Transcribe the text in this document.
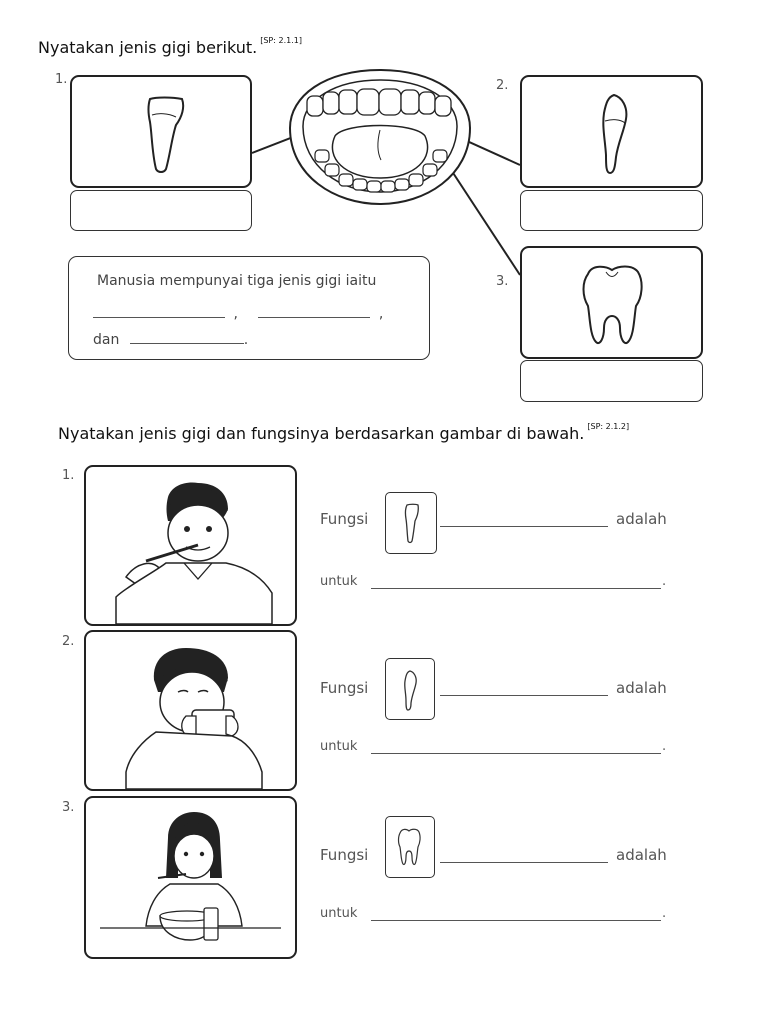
Nyatakan jenis gigi berikut. [SP: 2.1.1]
1.	2.
Manusia mempunyai tiga jenis gigi iaitu
,	,
dan	.
3.
Nyatakan jenis gigi dan fungsinya berdasarkan gambar di bawah. [SP: 2.1.2]
1.
Fungsi	adalah
untuk	.
2.
Fungsi	adalah
untuk	.
3.
Fungsi	adalah
untuk	.
